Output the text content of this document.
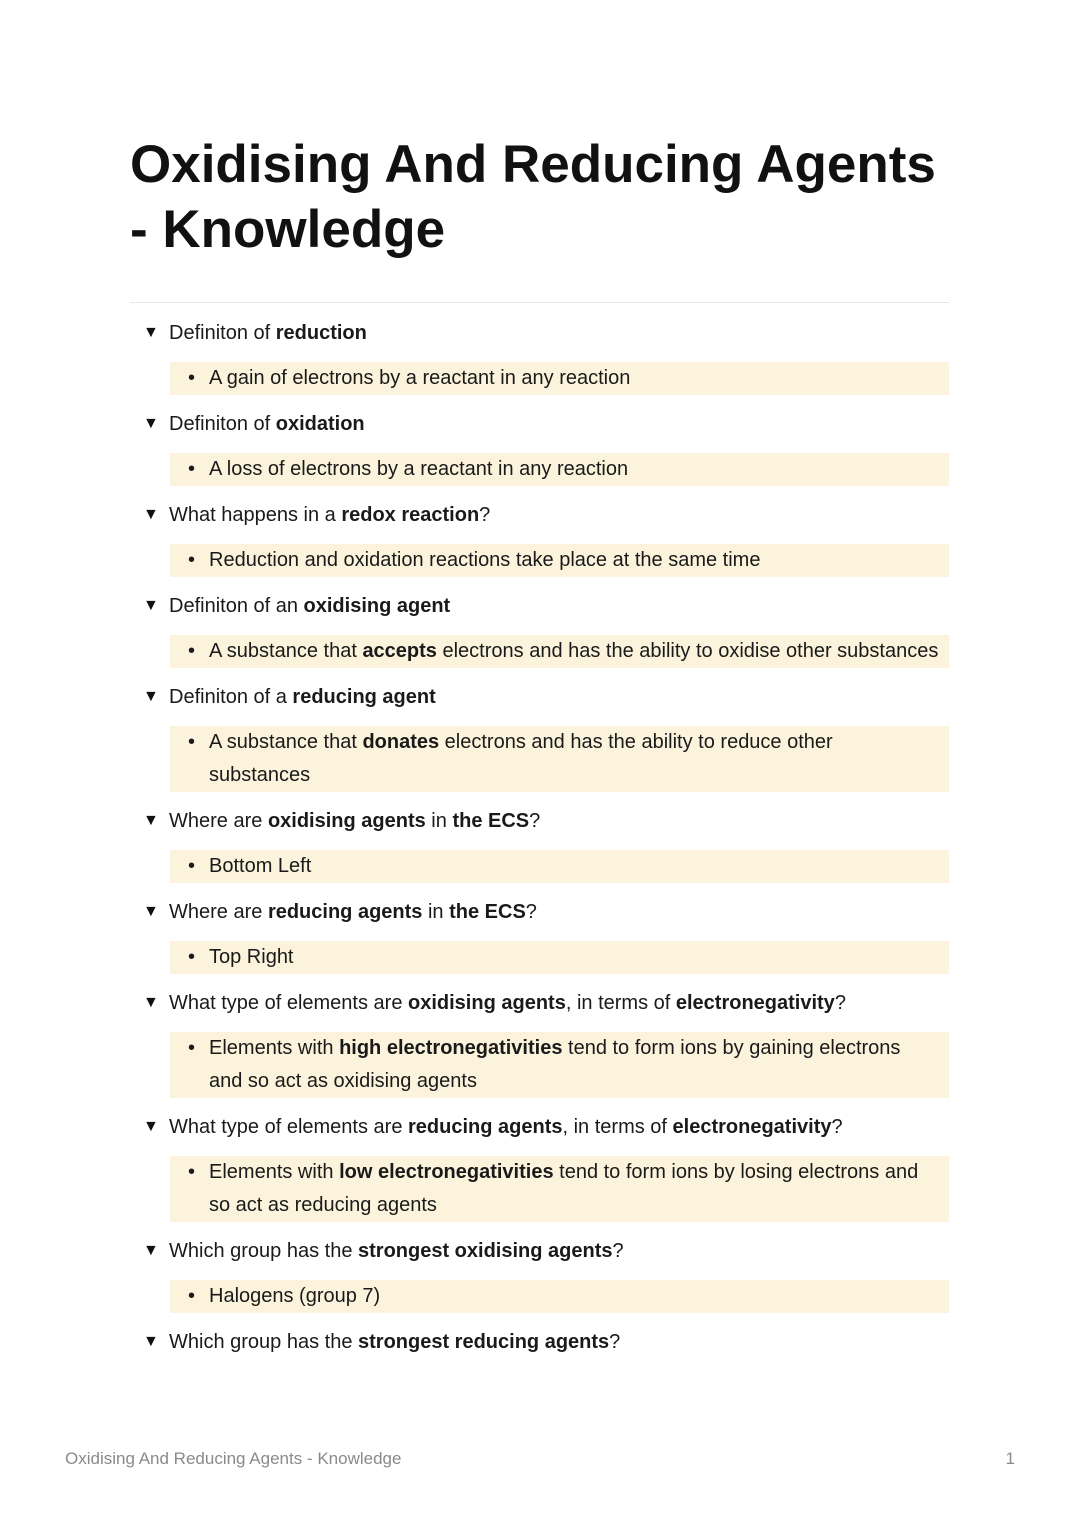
Oxidising And Reducing Agents - Knowledge
▼ Definiton of reduction
• A gain of electrons by a reactant in any reaction
▼ Definiton of oxidation
• A loss of electrons by a reactant in any reaction
▼ What happens in a redox reaction?
• Reduction and oxidation reactions take place at the same time
▼ Definiton of an oxidising agent
• A substance that accepts electrons and has the ability to oxidise other substances
▼ Definiton of a reducing agent
• A substance that donates electrons and has the ability to reduce other substances
▼ Where are oxidising agents in the ECS?
• Bottom Left
▼ Where are reducing agents in the ECS?
• Top Right
▼ What type of elements are oxidising agents, in terms of electronegativity?
• Elements with high electronegativities tend to form ions by gaining electrons and so act as oxidising agents
▼ What type of elements are reducing agents, in terms of electronegativity?
• Elements with low electronegativities tend to form ions by losing electrons and so act as reducing agents
▼ Which group has the strongest oxidising agents?
• Halogens (group 7)
▼ Which group has the strongest reducing agents?
Oxidising And Reducing Agents - Knowledge	1
